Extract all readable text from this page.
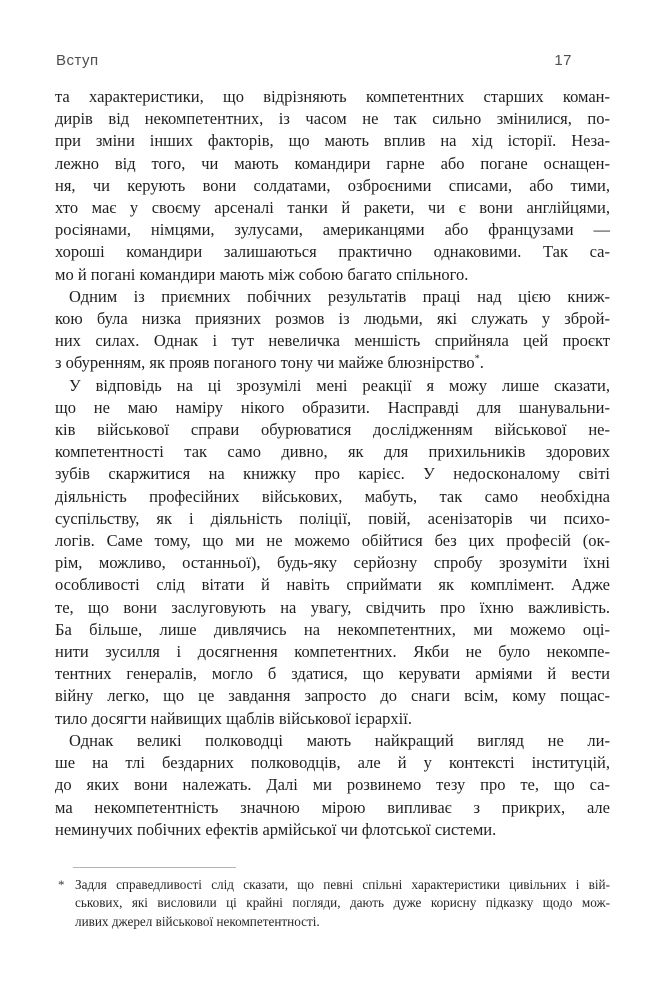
Вступ	17
та характеристики, що відрізняють компетентних старших коман-
дирів від некомпетентних, із часом не так сильно змінилися, по-
при зміни інших факторів, що мають вплив на хід історії. Неза-
лежно від того, чи мають командири гарне або погане оснащен-
ня, чи керують вони солдатами, озброєними списами, або тими,
хто має у своєму арсеналі танки й ракети, чи є вони англійцями,
росіянами, німцями, зулусами, американцями або французами —
хороші командири залишаються практично однаковими. Так са-
мо й погані командири мають між собою багато спільного.
Одним із приємних побічних результатів праці над цією книж-
кою була низка приязних розмов із людьми, які служать у зброй-
них силах. Однак і тут невеличка меншість сприйняла цей проєкт
з обуренням, як прояв поганого тону чи майже блюзнірство*.
У відповідь на ці зрозумілі мені реакції я можу лише сказати,
що не маю наміру нікого образити. Насправді для шанувальни-
ків військової справи обурюватися дослідженням військової не-
компетентності так само дивно, як для прихильників здорових
зубів скаржитися на книжку про карієс. У недосконалому світі
діяльність професійних військових, мабуть, так само необхідна
суспільству, як і діяльність поліції, повій, асенізаторів чи психо-
логів. Саме тому, що ми не можемо обійтися без цих професій (ок-
рім, можливо, останньої), будь-яку серйозну спробу зрозуміти їхні
особливості слід вітати й навіть сприймати як комплімент. Адже
те, що вони заслуговують на увагу, свідчить про їхню важливість.
Ба більше, лише дивлячись на некомпетентних, ми можемо оці-
нити зусилля і досягнення компетентних. Якби не було некомпе-
тентних генералів, могло б здатися, що керувати арміями й вести
війну легко, що це завдання запросто до снаги всім, кому пощас-
тило досягти найвищих щаблів військової ієрархії.
Однак великі полководці мають найкращий вигляд не ли-
ше на тлі бездарних полководців, але й у контексті інституцій,
до яких вони належать. Далі ми розвинемо тезу про те, що са-
ма некомпетентність значною мірою випливає з прикрих, але
неминучих побічних ефектів армійської чи флотської системи.
* Задля справедливості слід сказати, що певні спільні характеристики цивільних і вій-
ськових, які висловили ці крайні погляди, дають дуже корисну підказку щодо мож-
ливих джерел військової некомпетентності.
